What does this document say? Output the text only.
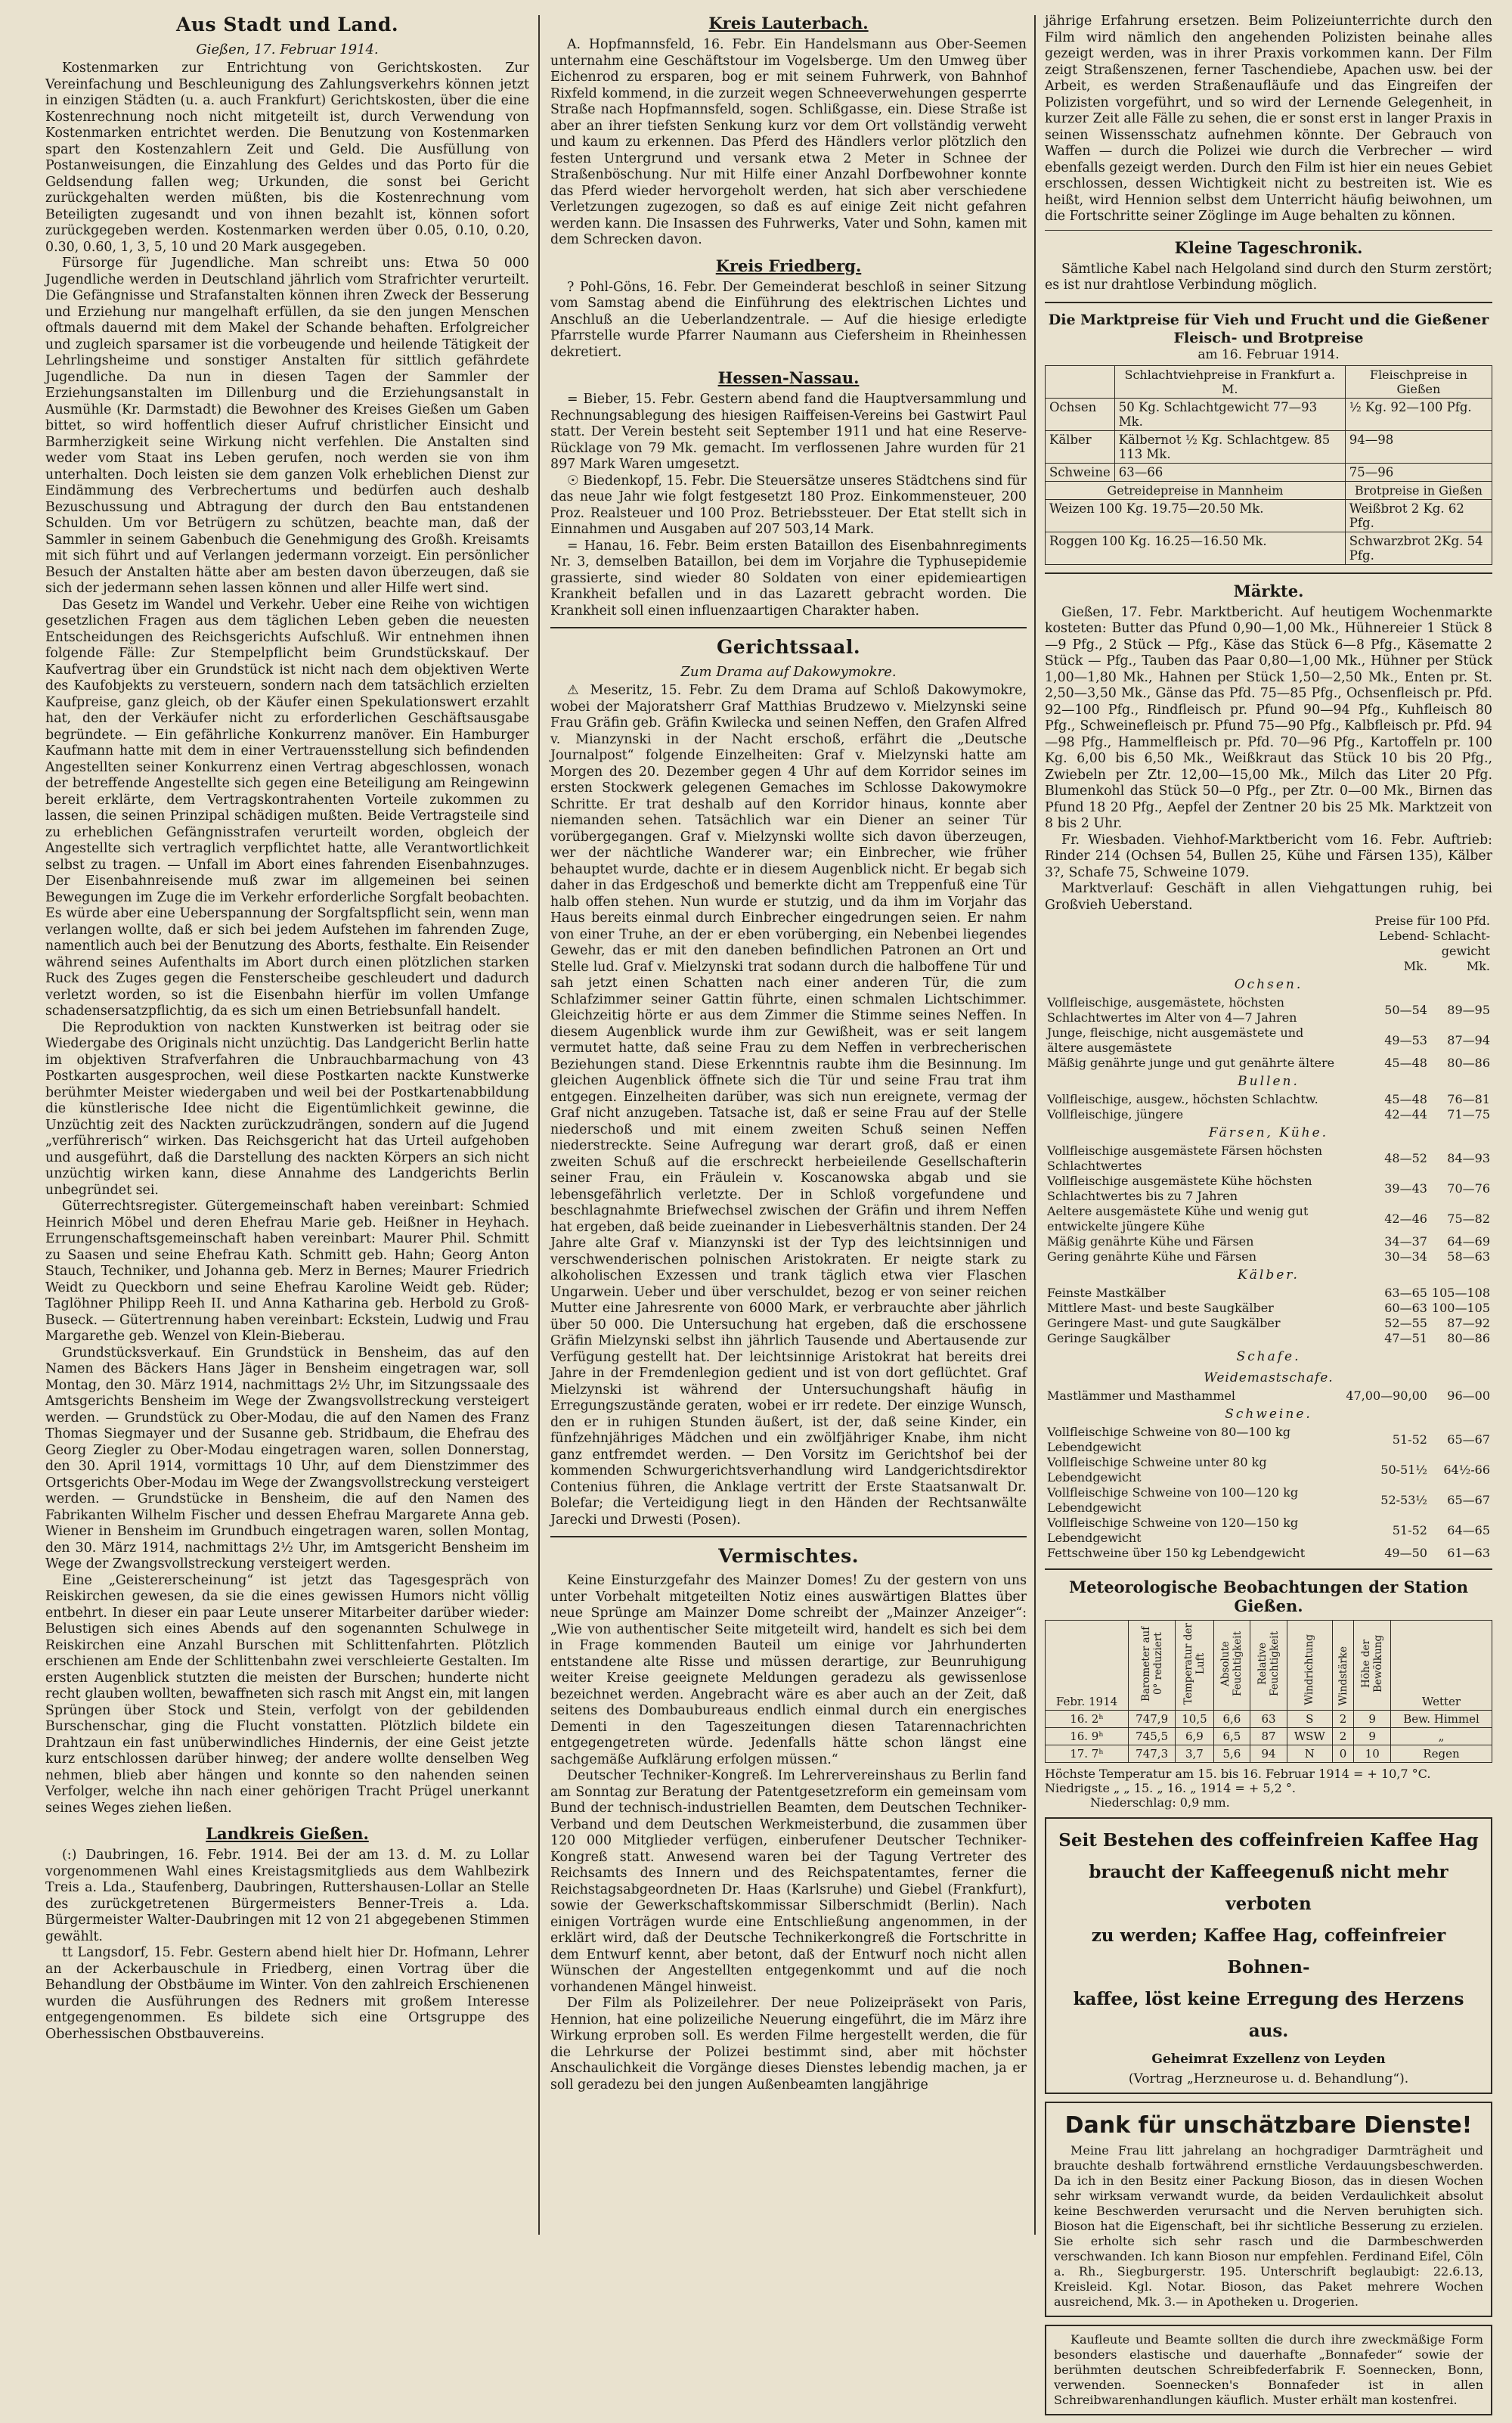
Aus Stadt und Land.

Gießen, 17. Februar 1914.

Kostenmarken zur Entrichtung von Gerichtskosten. Zur Vereinfachung und Beschleunigung des Zahlungsverkehrs können jetzt in einzigen Städten (u. a. auch Frankfurt) Gerichtskosten, über die eine Kostenrechnung noch nicht mitgeteilt ist, durch Verwendung von Kostenmarken entrichtet werden. Die Benutzung von Kostenmarken spart den Kostenzahlern Zeit und Geld. Die Ausfüllung von Postanweisungen, die Einzahlung des Geldes und das Porto für die Geldsendung fallen weg; Urkunden, die sonst bei Gericht zurückgehalten werden müßten, bis die Kostenrechnung vom Beteiligten zugesandt und von ihnen bezahlt ist, können sofort zurückgegeben werden. Kostenmarken werden über 0.05, 0.10, 0.20, 0.30, 0.60, 1, 3, 5, 10 und 20 Mark ausgegeben.

Fürsorge für Jugendliche. Man schreibt uns: Etwa 50 000 Jugendliche werden in Deutschland jährlich vom Strafrichter verurteilt. Die Gefängnisse und Strafanstalten können ihren Zweck der Besserung und Erziehung nur mangelhaft erfüllen, da sie den jungen Menschen oftmals dauernd mit dem Makel der Schande behaften. Erfolgreicher und zugleich sparsamer ist die vorbeugende und heilende Tätigkeit der Lehrlingsheime und sonstiger Anstalten für sittlich gefährdete Jugendliche. Da nun in diesen Tagen der Sammler der Erziehungsanstalten im Dillenburg und die Erziehungsanstalt in Ausmühle (Kr. Darmstadt) die Bewohner des Kreises Gießen um Gaben bittet, so wird hoffentlich dieser Aufruf christlicher Einsicht und Barmherzigkeit seine Wirkung nicht verfehlen. Die Anstalten sind weder vom Staat ins Leben gerufen, noch werden sie von ihm unterhalten. Doch leisten sie dem ganzen Volk erheblichen Dienst zur Eindämmung des Verbrechertums und bedürfen auch deshalb Bezuschussung und Abtragung der durch den Bau entstandenen Schulden. Um vor Betrügern zu schützen, beachte man, daß der Sammler in seinem Gabenbuch die Genehmigung des Großh. Kreisamts mit sich führt und auf Verlangen jedermann vorzeigt. Ein persönlicher Besuch der Anstalten hätte aber am besten davon überzeugen, daß sie sich der jedermann sehen lassen können und aller Hilfe wert sind.

Das Gesetz im Wandel und Verkehr. Ueber eine Reihe von wichtigen gesetzlichen Fragen aus dem täglichen Leben geben die neuesten Entscheidungen des Reichsgerichts Aufschluß. Wir entnehmen ihnen folgende Fälle: Zur Stempelpflicht beim Grundstückskauf. Der Kaufvertrag über ein Grundstück ist nicht nach dem objektiven Werte des Kaufobjekts zu versteuern, sondern nach dem tatsächlich erzielten Kaufpreise, ganz gleich, ob der Käufer einen Spekulationswert erzahlt hat, den der Verkäufer nicht zu erforderlichen Geschäftsausgabe begründete. — Ein gefährliche Konkurrenz manöver. Ein Hamburger Kaufmann hatte mit dem in einer Vertrauensstellung sich befindenden Angestellten seiner Konkurrenz einen Vertrag abgeschlossen, wonach der betreffende Angestellte sich gegen eine Beteiligung am Reingewinn bereit erklärte, dem Vertragskontrahenten Vorteile zukommen zu lassen, die seinen Prinzipal schädigen mußten. Beide Vertragsteile sind zu erheblichen Gefängnisstrafen verurteilt worden, obgleich der Angestellte sich vertraglich verpflichtet hatte, alle Verantwortlichkeit selbst zu tragen. — Unfall im Abort eines fahrenden Eisenbahnzuges. Der Eisenbahnreisende muß zwar im allgemeinen bei seinen Bewegungen im Zuge die im Verkehr erforderliche Sorgfalt beobachten. Es würde aber eine Ueberspannung der Sorgfaltspflicht sein, wenn man verlangen wollte, daß er sich bei jedem Aufstehen im fahrenden Zuge, namentlich auch bei der Benutzung des Aborts, festhalte. Ein Reisender während seines Aufenthalts im Abort durch einen plötzlichen starken Ruck des Zuges gegen die Fensterscheibe geschleudert und dadurch verletzt worden, so ist die Eisenbahn hierfür im vollen Umfange schadensersatzpflichtig, da es sich um einen Betriebsunfall handelt.

Die Reproduktion von nackten Kunstwerken ist beitrag oder sie Wiedergabe des Originals nicht unzüchtig. Das Landgericht Berlin hatte im objektiven Strafverfahren die Unbrauchbarmachung von 43 Postkarten ausgesprochen, weil diese Postkarten nackte Kunstwerke berühmter Meister wiedergaben und weil bei der Postkartenabbildung die künstlerische Idee nicht die Eigentümlichkeit gewinne, die Unzüchtig zeit des Nackten zurückzudrängen, sondern auf die Jugend „verführerisch“ wirken. Das Reichsgericht hat das Urteil aufgehoben und ausgeführt, daß die Darstellung des nackten Körpers an sich nicht unzüchtig wirken kann, diese Annahme des Landgerichts Berlin unbegründet sei.

Güterrechtsregister. Gütergemeinschaft haben vereinbart: Schmied Heinrich Möbel und deren Ehefrau Marie geb. Heißner in Heyhach. Errungenschaftsgemeinschaft haben vereinbart: Maurer Phil. Schmitt zu Saasen und seine Ehefrau Kath. Schmitt geb. Hahn; Georg Anton Stauch, Techniker, und Johanna geb. Merz in Bernes; Maurer Friedrich Weidt zu Queckborn und seine Ehefrau Karoline Weidt geb. Rüder; Taglöhner Philipp Reeh II. und Anna Katharina geb. Herbold zu Groß-Buseck. — Gütertrennung haben vereinbart: Eckstein, Ludwig und Frau Margarethe geb. Wenzel von Klein-Bieberau.

Grundstücksverkauf. Ein Grundstück in Bensheim, das auf den Namen des Bäckers Hans Jäger in Bensheim eingetragen war, soll Montag, den 30. März 1914, nachmittags 2½ Uhr, im Sitzungssaale des Amtsgerichts Bensheim im Wege der Zwangsvollstreckung versteigert werden. — Grundstück zu Ober-Modau, die auf den Namen des Franz Thomas Siegmayer und der Susanne geb. Stridbaum, die Ehefrau des Georg Ziegler zu Ober-Modau eingetragen waren, sollen Donnerstag, den 30. April 1914, vormittags 10 Uhr, auf dem Dienstzimmer des Ortsgerichts Ober-Modau im Wege der Zwangsvollstreckung versteigert werden. — Grundstücke in Bensheim, die auf den Namen des Fabrikanten Wilhelm Fischer und dessen Ehefrau Margarete Anna geb. Wiener in Bensheim im Grundbuch eingetragen waren, sollen Montag, den 30. März 1914, nachmittags 2½ Uhr, im Amtsgericht Bensheim im Wege der Zwangsvollstreckung versteigert werden.

Eine „Geistererscheinung“ ist jetzt das Tagesgespräch von Reiskirchen gewesen, da sie die eines gewissen Humors nicht völlig entbehrt. In dieser ein paar Leute unserer Mitarbeiter darüber wieder: Belustigen sich eines Abends auf den sogenannten Schulwege in Reiskirchen eine Anzahl Burschen mit Schlittenfahrten. Plötzlich erschienen am Ende der Schlittenbahn zwei verschleierte Gestalten. Im ersten Augenblick stutzten die meisten der Burschen; hunderte nicht recht glauben wollten, bewaffneten sich rasch mit Angst ein, mit langen Sprüngen über Stock und Stein, verfolgt von der gebildenden Burschenschar, ging die Flucht vonstatten. Plötzlich bildete ein Drahtzaun ein fast unüberwindliches Hindernis, der eine Geist jetzte kurz entschlossen darüber hinweg; der andere wollte denselben Weg nehmen, blieb aber hängen und konnte so den nahenden seinen Verfolger, welche ihn nach einer gehörigen Tracht Prügel unerkannt seines Weges ziehen ließen.

Landkreis Gießen.

(:) Daubringen, 16. Febr. 1914. Bei der am 13. d. M. zu Lollar vorgenommenen Wahl eines Kreistagsmitglieds aus dem Wahlbezirk Treis a. Lda., Staufenberg, Daubringen, Ruttershausen-Lollar an Stelle des zurückgetretenen Bürgermeisters Benner-Treis a. Lda. Bürgermeister Walter-Daubringen mit 12 von 21 abgegebenen Stimmen gewählt.

tt Langsdorf, 15. Febr. Gestern abend hielt hier Dr. Hofmann, Lehrer an der Ackerbauschule in Friedberg, einen Vortrag über die Behandlung der Obstbäume im Winter. Von den zahlreich Erschienenen wurden die Ausführungen des Redners mit großem Interesse entgegengenommen. Es bildete sich eine Ortsgruppe des Oberhessischen Obstbauvereins.

Kreis Lauterbach.

A. Hopfmannsfeld, 16. Febr. Ein Handelsmann aus Ober-Seemen unternahm eine Geschäftstour im Vogelsberge. Um den Umweg über Eichenrod zu ersparen, bog er mit seinem Fuhrwerk, von Bahnhof Rixfeld kommend, in die zurzeit wegen Schneeverwehungen gesperrte Straße nach Hopfmannsfeld, sogen. Schlißgasse, ein. Diese Straße ist aber an ihrer tiefsten Senkung kurz vor dem Ort vollständig verweht und kaum zu erkennen. Das Pferd des Händlers verlor plötzlich den festen Untergrund und versank etwa 2 Meter in Schnee der Straßenböschung. Nur mit Hilfe einer Anzahl Dorfbewohner konnte das Pferd wieder hervorgeholt werden, hat sich aber verschiedene Verletzungen zugezogen, so daß es auf einige Zeit nicht gefahren werden kann. Die Insassen des Fuhrwerks, Vater und Sohn, kamen mit dem Schrecken davon.

Kreis Friedberg.

? Pohl-Göns, 16. Febr. Der Gemeinderat beschloß in seiner Sitzung vom Samstag abend die Einführung des elektrischen Lichtes und Anschluß an die Ueberlandzentrale. — Auf die hiesige erledigte Pfarrstelle wurde Pfarrer Naumann aus Ciefersheim in Rheinhessen dekretiert.

Hessen-Nassau.

= Bieber, 15. Febr. Gestern abend fand die Hauptversammlung und Rechnungsablegung des hiesigen Raiffeisen-Vereins bei Gastwirt Paul statt. Der Verein besteht seit September 1911 und hat eine Reserve-Rücklage von 79 Mk. gemacht. Im verflossenen Jahre wurden für 21 897 Mark Waren umgesetzt.

☉ Biedenkopf, 15. Febr. Die Steuersätze unseres Städtchens sind für das neue Jahr wie folgt festgesetzt 180 Proz. Einkommensteuer, 200 Proz. Realsteuer und 100 Proz. Betriebssteuer. Der Etat stellt sich in Einnahmen und Ausgaben auf 207 503,14 Mark.

= Hanau, 16. Febr. Beim ersten Bataillon des Eisenbahnregiments Nr. 3, demselben Bataillon, bei dem im Vorjahre die Typhusepidemie grassierte, sind wieder 80 Soldaten von einer epidemieartigen Krankheit befallen und in das Lazarett gebracht worden. Die Krankheit soll einen influenzaartigen Charakter haben.

Gerichtssaal.

Zum Drama auf Dakowymokre.

⚠ Meseritz, 15. Febr. Zu dem Drama auf Schloß Dakowymokre, wobei der Majoratsherr Graf Matthias Brudzewo v. Mielzynski seine Frau Gräfin geb. Gräfin Kwilecka und seinen Neffen, den Grafen Alfred v. Mianzynski in der Nacht erschoß, erfährt die „Deutsche Journalpost“ folgende Einzelheiten: Graf v. Mielzynski hatte am Morgen des 20. Dezember gegen 4 Uhr auf dem Korridor seines im ersten Stockwerk gelegenen Gemaches im Schlosse Dakowymokre Schritte. Er trat deshalb auf den Korridor hinaus, konnte aber niemanden sehen. Tatsächlich war ein Diener an seiner Tür vorübergegangen. Graf v. Mielzynski wollte sich davon überzeugen, wer der nächtliche Wanderer war; ein Einbrecher, wie früher behauptet wurde, dachte er in diesem Augenblick nicht. Er begab sich daher in das Erdgeschoß und bemerkte dicht am Treppenfuß eine Tür halb offen stehen. Nun wurde er stutzig, und da ihm im Vorjahr das Haus bereits einmal durch Einbrecher eingedrungen seien. Er nahm von einer Truhe, an der er eben vorüberging, ein Nebenbei liegendes Gewehr, das er mit den daneben befindlichen Patronen an Ort und Stelle lud. Graf v. Mielzynski trat sodann durch die halboffene Tür und sah jetzt einen Schatten nach einer anderen Tür, die zum Schlafzimmer seiner Gattin führte, einen schmalen Lichtschimmer. Gleichzeitig hörte er aus dem Zimmer die Stimme seines Neffen. In diesem Augenblick wurde ihm zur Gewißheit, was er seit langem vermutet hatte, daß seine Frau zu dem Neffen in verbrecherischen Beziehungen stand. Diese Erkenntnis raubte ihm die Besinnung. Im gleichen Augenblick öffnete sich die Tür und seine Frau trat ihm entgegen. Einzelheiten darüber, was sich nun ereignete, vermag der Graf nicht anzugeben. Tatsache ist, daß er seine Frau auf der Stelle niederschoß und mit einem zweiten Schuß seinen Neffen niederstreckte. Seine Aufregung war derart groß, daß er einen zweiten Schuß auf die erschreckt herbeieilende Gesellschafterin seiner Frau, ein Fräulein v. Koscanowska abgab und sie lebensgefährlich verletzte. Der in Schloß vorgefundene und beschlagnahmte Briefwechsel zwischen der Gräfin und ihrem Neffen hat ergeben, daß beide zueinander in Liebesverhältnis standen. Der 24 Jahre alte Graf v. Mianzynski ist der Typ des leichtsinnigen und verschwenderischen polnischen Aristokraten. Er neigte stark zu alkoholischen Exzessen und trank täglich etwa vier Flaschen Ungarwein. Ueber und über verschuldet, bezog er von seiner reichen Mutter eine Jahresrente von 6000 Mark, er verbrauchte aber jährlich über 50 000. Die Untersuchung hat ergeben, daß die erschossene Gräfin Mielzynski selbst ihn jährlich Tausende und Abertausende zur Verfügung gestellt hat. Der leichtsinnige Aristokrat hat bereits drei Jahre in der Fremdenlegion gedient und ist von dort geflüchtet. Graf Mielzynski ist während der Untersuchungshaft häufig in Erregungszustände geraten, wobei er irr redete. Der einzige Wunsch, den er in ruhigen Stunden äußert, ist der, daß seine Kinder, ein fünfzehnjähriges Mädchen und ein zwölfjähriger Knabe, ihm nicht ganz entfremdet werden. — Den Vorsitz im Gerichtshof bei der kommenden Schwurgerichtsverhandlung wird Landgerichtsdirektor Contenius führen, die Anklage vertritt der Erste Staatsanwalt Dr. Bolefar; die Verteidigung liegt in den Händen der Rechtsanwälte Jarecki und Drwesti (Posen).

Vermischtes.

Keine Einsturzgefahr des Mainzer Domes! Zu der gestern von uns unter Vorbehalt mitgeteilten Notiz eines auswärtigen Blattes über neue Sprünge am Mainzer Dome schreibt der „Mainzer Anzeiger“: „Wie von authentischer Seite mitgeteilt wird, handelt es sich bei dem in Frage kommenden Bauteil um einige vor Jahrhunderten entstandene alte Risse und müssen derartige, zur Beunruhigung weiter Kreise geeignete Meldungen geradezu als gewissenlose bezeichnet werden. Angebracht wäre es aber auch an der Zeit, daß seitens des Dombaubureaus endlich einmal durch ein energisches Dementi in den Tageszeitungen diesen Tatarennachrichten entgegengetreten würde. Jedenfalls hätte schon längst eine sachgemäße Aufklärung erfolgen müssen.“

Deutscher Techniker-Kongreß. Im Lehrervereinshaus zu Berlin fand am Sonntag zur Beratung der Patentgesetzreform ein gemeinsam vom Bund der technisch-industriellen Beamten, dem Deutschen Techniker-Verband und dem Deutschen Werkmeisterbund, die zusammen über 120 000 Mitglieder verfügen, einberufener Deutscher Techniker-Kongreß statt. Anwesend waren bei der Tagung Vertreter des Reichsamts des Innern und des Reichspatentamtes, ferner die Reichstagsabgeordneten Dr. Haas (Karlsruhe) und Giebel (Frankfurt), sowie der Gewerkschaftskommissar Silberschmidt (Berlin). Nach einigen Vorträgen wurde eine Entschließung angenommen, in der erklärt wird, daß der Deutsche Technikerkongreß die Fortschritte in dem Entwurf kennt, aber betont, daß der Entwurf noch nicht allen Wünschen der Angestellten entgegenkommt und auf die noch vorhandenen Mängel hinweist.

Der Film als Polizeilehrer. Der neue Polizeipräsekt von Paris, Hennion, hat eine polizeiliche Neuerung eingeführt, die im März ihre Wirkung erproben soll. Es werden Filme hergestellt werden, die für die Lehrkurse der Polizei bestimmt sind, aber mit höchster Anschaulichkeit die Vorgänge dieses Dienstes lebendig machen, ja er soll geradezu bei den jungen Außenbeamten langjährige

jährige Erfahrung ersetzen. Beim Polizeiunterrichte durch den Film wird nämlich den angehenden Polizisten beinahe alles gezeigt werden, was in ihrer Praxis vorkommen kann. Der Film zeigt Straßenszenen, ferner Taschendiebe, Apachen usw. bei der Arbeit, es werden Straßenaufläufe und das Eingreifen der Polizisten vorgeführt, und so wird der Lernende Gelegenheit, in kurzer Zeit alle Fälle zu sehen, die er sonst erst in langer Praxis in seinen Wissensschatz aufnehmen könnte. Der Gebrauch von Waffen — durch die Polizei wie durch die Verbrecher — wird ebenfalls gezeigt werden. Durch den Film ist hier ein neues Gebiet erschlossen, dessen Wichtigkeit nicht zu bestreiten ist. Wie es heißt, wird Hennion selbst dem Unterricht häufig beiwohnen, um die Fortschritte seiner Zöglinge im Auge behalten zu können.

Kleine Tageschronik.

Sämtliche Kabel nach Helgoland sind durch den Sturm zerstört; es ist nur drahtlose Verbindung möglich.

Die Marktpreise für Vieh und Frucht und die Gießener Fleisch- und Brotpreise
am 16. Februar 1914.
	Schlachtviehpreise in Frankfurt a. M.	Fleischpreise in Gießen
Ochsen	50 Kg. Schlachtgewicht 77—93 Mk.	½ Kg. 92—100 Pfg.
Kälber	Kälbernot ½ Kg. Schlachtgew. 85 113 Mk.	94—98
Schweine	63—66	75—96
Getreidepreise in Mannheim		Brotpreise in Gießen
Weizen 100 Kg. 19.75—20.50 Mk.		Weißbrot 2 Kg. 62 Pfg.
Roggen 100 Kg. 16.25—16.50 Mk.		Schwarzbrot 2Kg. 54 Pfg.
Märkte.

Gießen, 17. Febr. Marktbericht. Auf heutigem Wochenmarkte kosteten: Butter das Pfund 0,90—1,00 Mk., Hühnereier 1 Stück 8—9 Pfg., 2 Stück — Pfg., Käse das Stück 6—8 Pfg., Käsematte 2 Stück — Pfg., Tauben das Paar 0,80—1,00 Mk., Hühner per Stück 1,00—1,80 Mk., Hahnen per Stück 1,50—2,50 Mk., Enten pr. St. 2,50—3,50 Mk., Gänse das Pfd. 75—85 Pfg., Ochsenfleisch pr. Pfd. 92—100 Pfg., Rindfleisch pr. Pfund 90—94 Pfg., Kuhfleisch 80 Pfg., Schweinefleisch pr. Pfund 75—90 Pfg., Kalbfleisch pr. Pfd. 94—98 Pfg., Hammelfleisch pr. Pfd. 70—96 Pfg., Kartoffeln pr. 100 Kg. 6,00 bis 6,50 Mk., Weißkraut das Stück 10 bis 20 Pfg., Zwiebeln per Ztr. 12,00—15,00 Mk., Milch das Liter 20 Pfg. Blumenkohl das Stück 50—0 Pfg., per Ztr. 0—00 Mk., Birnen das Pfund 18 20 Pfg., Aepfel der Zentner 20 bis 25 Mk. Marktzeit von 8 bis 2 Uhr.

Fr. Wiesbaden. Viehhof-Marktbericht vom 16. Febr. Auftrieb: Rinder 214 (Ochsen 54, Bullen 25, Kühe und Färsen 135), Kälber 3?, Schafe 75, Schweine 1079.

Marktverlauf: Geschäft in allen Viehgattungen ruhig, bei Großvieh Ueberstand.

	Preise für 100 Pfd.	
	Lebend- Schlacht-	
	gewicht	
	Mk.	Mk.
Ochsen.		
Vollfleischige, ausgemästete, höchsten Schlachtwertes im Alter von 4—7 Jahren	50—54	89—95
Junge, fleischige, nicht ausgemästete und ältere ausgemästete	49—53	87—94
Mäßig genährte junge und gut genährte ältere	45—48	80—86
Bullen.		
Vollfleischige, ausgew., höchsten Schlachtw.	45—48	76—81
Vollfleischige, jüngere	42—44	71—75
Färsen, Kühe.		
Vollfleischige ausgemästete Färsen höchsten Schlachtwertes	48—52	84—93
Vollfleischige ausgemästete Kühe höchsten Schlachtwertes bis zu 7 Jahren	39—43	70—76
Aeltere ausgemästete Kühe und wenig gut entwickelte jüngere Kühe	42—46	75—82
Mäßig genährte Kühe und Färsen	34—37	64—69
Gering genährte Kühe und Färsen	30—34	58—63
Kälber.		
Feinste Mastkälber	63—65	105—108
Mittlere Mast- und beste Saugkälber	60—63	100—105
Geringere Mast- und gute Saugkälber	52—55	87—92
Geringe Saugkälber	47—51	80—86
Schafe.		
Weidemastschafe.		
Mastlämmer und Masthammel	47,00—90,00	96—00
Schweine.		
Vollfleischige Schweine von 80—100 kg Lebendgewicht	51-52	65—67
Vollfleischige Schweine unter 80 kg Lebendgewicht	50-51½	64½-66
Vollfleischige Schweine von 100—120 kg Lebendgewicht	52-53½	65—67
Vollfleischige Schweine von 120—150 kg Lebendgewicht	51-52	64—65
Fettschweine über 150 kg Lebendgewicht	49—50	61—63
Meteorologische Beobachtungen der Station Gießen.
Febr. 1914	Barometer auf 0° reduziert	Temperatur der Luft	Absolute Feuchtigkeit	Relative Feuchtigkeit	Windrichtung	Windstärke	Höhe der Bewölkung	Wetter
16. 2ʰ	747,9	10,5	6,6	63	S	2	9	Bew. Himmel
16. 9ʰ	745,5	6,9	6,5	87	WSW	2	9	„
17. 7ʰ	747,3	3,7	5,6	94	N	0	10	Regen
Höchste Temperatur am 15. bis 16. Februar 1914 = + 10,7 °C.
Niedrigste „ „ 15. „ 16. „ 1914 = + 5,2 °.
Niederschlag: 0,9 mm.
Seit Bestehen des coffeinfreien Kaffee Hag
braucht der Kaffeegenuß nicht mehr verboten
zu werden; Kaffee Hag, coffeinfreier Bohnen-
kaffee, löst keine Erregung des Herzens aus.
Geheimrat Exzellenz von Leyden
(Vortrag „Herzneurose u. d. Behandlung“).
Dank für unschätzbare Dienste!

Meine Frau litt jahrelang an hochgradiger Darmträgheit und brauchte deshalb fortwährend ernstliche Verdauungsbeschwerden. Da ich in den Besitz einer Packung Bioson, das in diesen Wochen sehr wirksam verwandt wurde, da beiden Verdaulichkeit absolut keine Beschwerden verursacht und die Nerven beruhigten sich. Bioson hat die Eigenschaft, bei ihr sichtliche Besserung zu erzielen. Sie erholte sich sehr rasch und die Darmbeschwerden verschwanden. Ich kann Bioson nur empfehlen. Ferdinand Eifel, Cöln a. Rh., Siegburgerstr. 195. Unterschrift beglaubigt: 22.6.13, Kreisleid. Kgl. Notar. Bioson, das Paket mehrere Wochen ausreichend, Mk. 3.— in Apotheken u. Drogerien.

Kaufleute und Beamte sollten die durch ihre zweckmäßige Form besonders elastische und dauerhafte „Bonnafeder“ sowie der berühmten deutschen Schreibfederfabrik F. Soennecken, Bonn, verwenden. Soennecken's Bonnafeder ist in allen Schreibwarenhandlungen käuflich. Muster erhält man kostenfrei.
